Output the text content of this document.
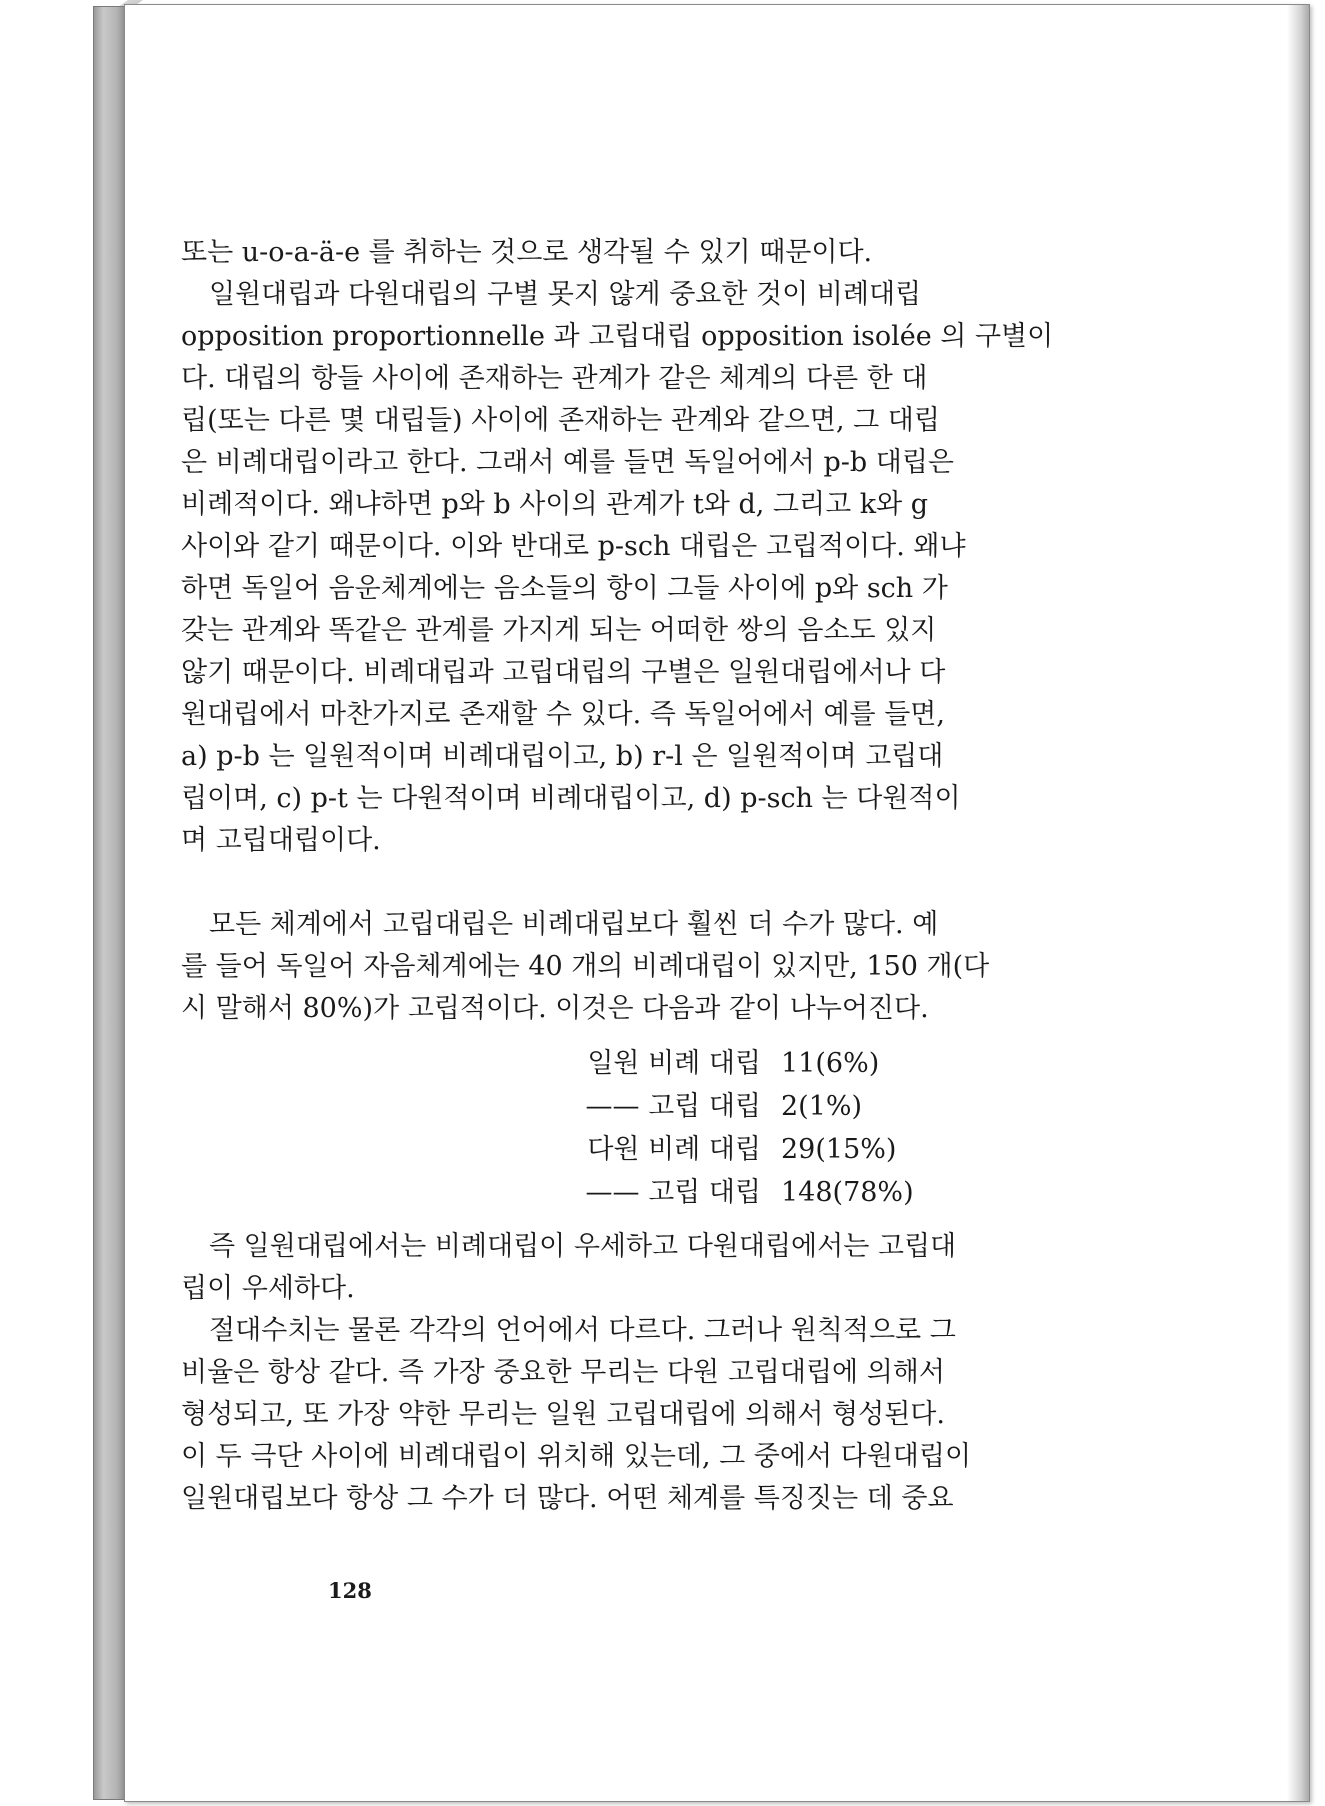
또는 u-o-a-ä-e 를 취하는 것으로 생각될 수 있기 때문이다.

일원대립과 다원대립의 구별 못지 않게 중요한 것이 비례대립
opposition proportionnelle 과 고립대립 opposition isolée 의 구별이
다. 대립의 항들 사이에 존재하는 관계가 같은 체계의 다른 한 대
립(또는 다른 몇 대립들) 사이에 존재하는 관계와 같으면, 그 대립
은 비례대립이라고 한다. 그래서 예를 들면 독일어에서 p-b 대립은
비례적이다. 왜냐하면 p와 b 사이의 관계가 t와 d, 그리고 k와 g
사이와 같기 때문이다. 이와 반대로 p-sch 대립은 고립적이다. 왜냐
하면 독일어 음운체계에는 음소들의 항이 그들 사이에 p와 sch 가
갖는 관계와 똑같은 관계를 가지게 되는 어떠한 쌍의 음소도 있지
않기 때문이다. 비례대립과 고립대립의 구별은 일원대립에서나 다
원대립에서 마찬가지로 존재할 수 있다. 즉 독일어에서 예를 들면,
a) p-b 는 일원적이며 비례대립이고, b) r-l 은 일원적이며 고립대
립이며, c) p-t 는 다원적이며 비례대립이고, d) p-sch 는 다원적이
며 고립대립이다.

모든 체계에서 고립대립은 비례대립보다 훨씬 더 수가 많다. 예
를 들어 독일어 자음체계에는 40 개의 비례대립이 있지만, 150 개(다
시 말해서 80%)가 고립적이다. 이것은 다음과 같이 나누어진다.

일원 비례 대립 11(6%)
—— 고립 대립 2(1%)
다원 비례 대립 29(15%)
—— 고립 대립 148(78%)

즉 일원대립에서는 비례대립이 우세하고 다원대립에서는 고립대
립이 우세하다.

절대수치는 물론 각각의 언어에서 다르다. 그러나 원칙적으로 그
비율은 항상 같다. 즉 가장 중요한 무리는 다원 고립대립에 의해서
형성되고, 또 가장 약한 무리는 일원 고립대립에 의해서 형성된다.
이 두 극단 사이에 비례대립이 위치해 있는데, 그 중에서 다원대립이
일원대립보다 항상 그 수가 더 많다. 어떤 체계를 특징짓는 데 중요

128
